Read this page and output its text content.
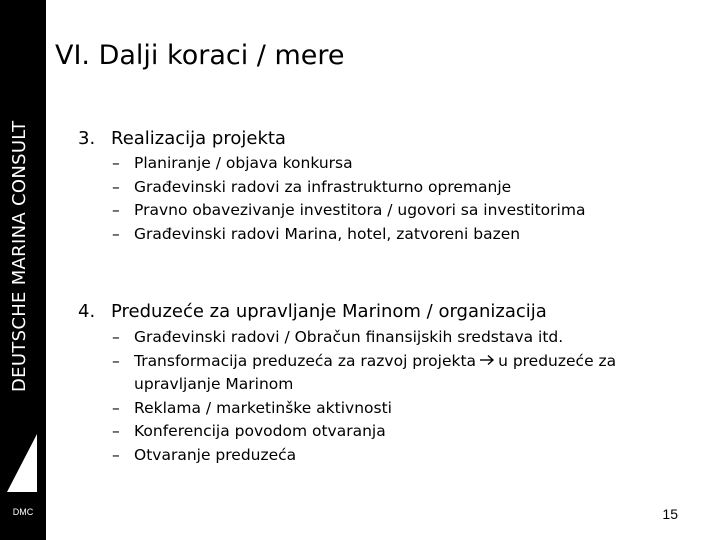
DEUTSCHE MARINA CONSULT
DMC
VI. Dalji koraci / mere
3. Realizacija projekta
– Planiranje / objava konkursa
– Građevinski radovi za infrastrukturno opremanje
– Pravno obavezivanje investitora / ugovori sa investitorima
– Građevinski radovi Marina, hotel, zatvoreni bazen
4. Preduzeće za upravljanje Marinom / organizacija
– Građevinski radovi / Obračun finansijskih sredstava itd.
– Transformacija preduzeća za razvoj projekta u preduzeće za
upravljanje Marinom
– Reklama / marketinške aktivnosti
– Konferencija povodom otvaranja
– Otvaranje preduzeća
15
